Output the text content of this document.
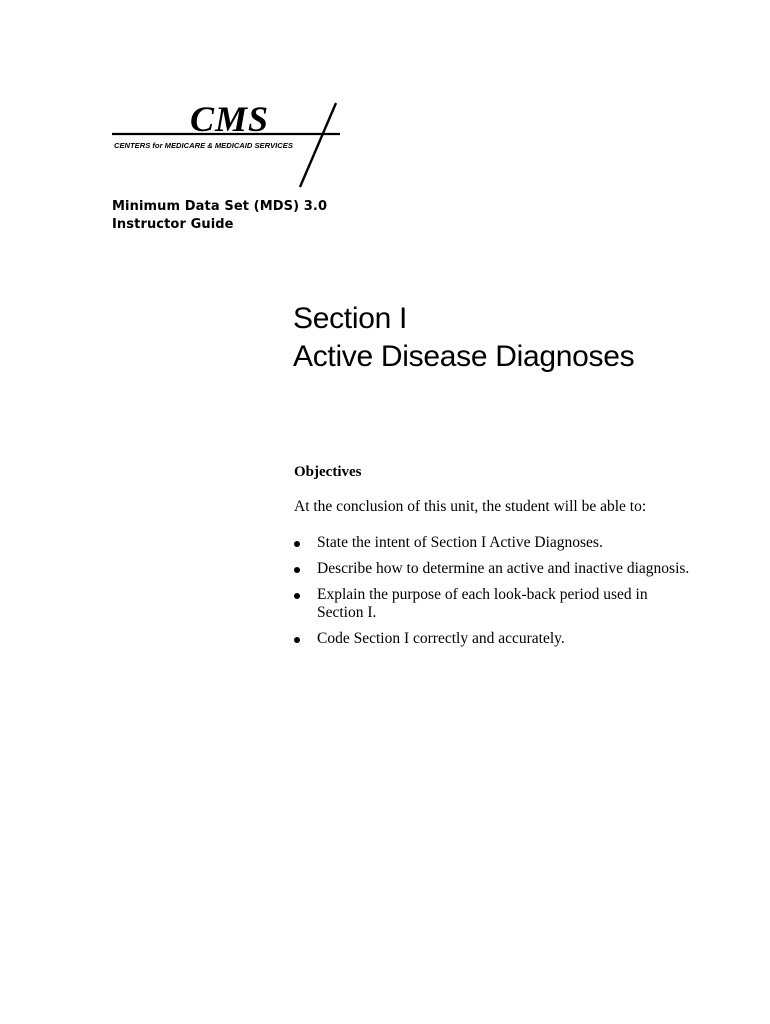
CMS
CENTERS for MEDICARE & MEDICAID SERVICES
Minimum Data Set (MDS) 3.0
Instructor Guide
Section I
Active Disease Diagnoses

Objectives

At the conclusion of this unit, the student will be able to:

State the intent of Section I Active Diagnoses.
Describe how to determine an active and inactive diagnosis.
Explain the purpose of each look-back period used in Section I.
Code Section I correctly and accurately.
